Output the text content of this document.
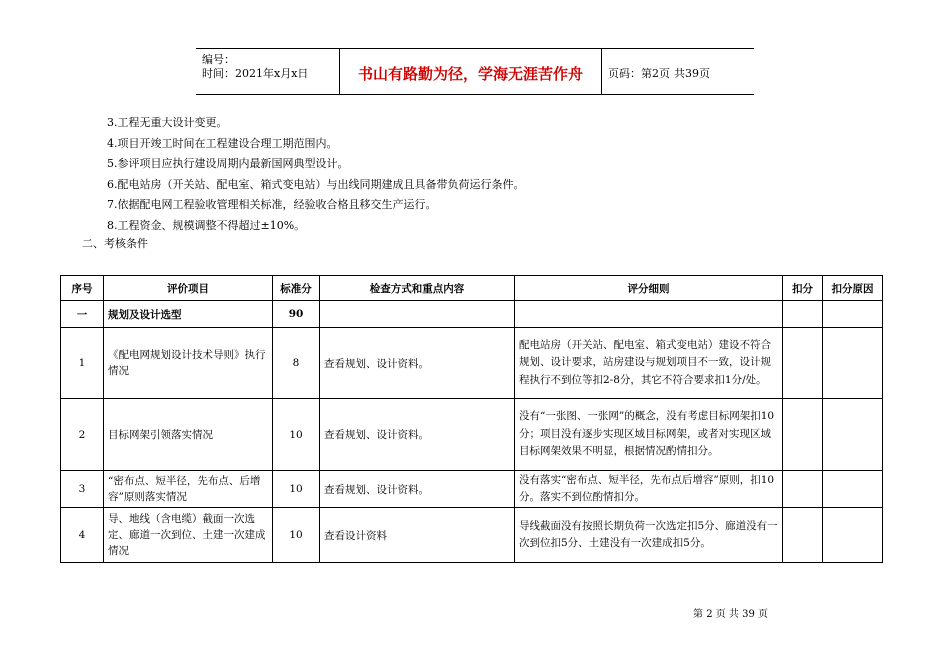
编号：
时间：2021年x月x日	书山有路勤为径，学海无涯苦作舟	页码：第2页 共39页
3.工程无重大设计变更。
4.项目开竣工时间在工程建设合理工期范围内。
5.参评项目应执行建设周期内最新国网典型设计。
6.配电站房（开关站、配电室、箱式变电站）与出线同期建成且具备带负荷运行条件。
7.依据配电网工程验收管理相关标准，经验收合格且移交生产运行。
8.工程资金、规模调整不得超过±10%。
二、考核条件
序号	评价项目	标准分	检查方式和重点内容	评分细则	扣分	扣分原因
一	规划及设计选型	90				
1	《配电网规划设计技术导则》执行情况	8	查看规划、设计资料。	配电站房（开关站、配电室、箱式变电站）建设不符合规划、设计要求，站房建设与规划项目不一致，设计规程执行不到位等扣2-8分，其它不符合要求扣1分/处。		
2	目标网架引领落实情况	10	查看规划、设计资料。	没有“一张图、一张网”的概念，没有考虑目标网架扣10分；项目没有逐步实现区域目标网架，或者对实现区域目标网架效果不明显，根据情况酌情扣分。		
3	“密布点、短半径，先布点、后增容”原则落实情况	10	查看规划、设计资料。	没有落实“密布点、短半径，先布点后增容”原则，扣10分。落实不到位酌情扣分。		
4	导、地线（含电缆）截面一次选定、廊道一次到位、土建一次建成情况	10	查看设计资料	导线截面没有按照长期负荷一次选定扣5分、廊道没有一次到位扣5分、土建没有一次建成扣5分。		
第 2 页 共 39 页
